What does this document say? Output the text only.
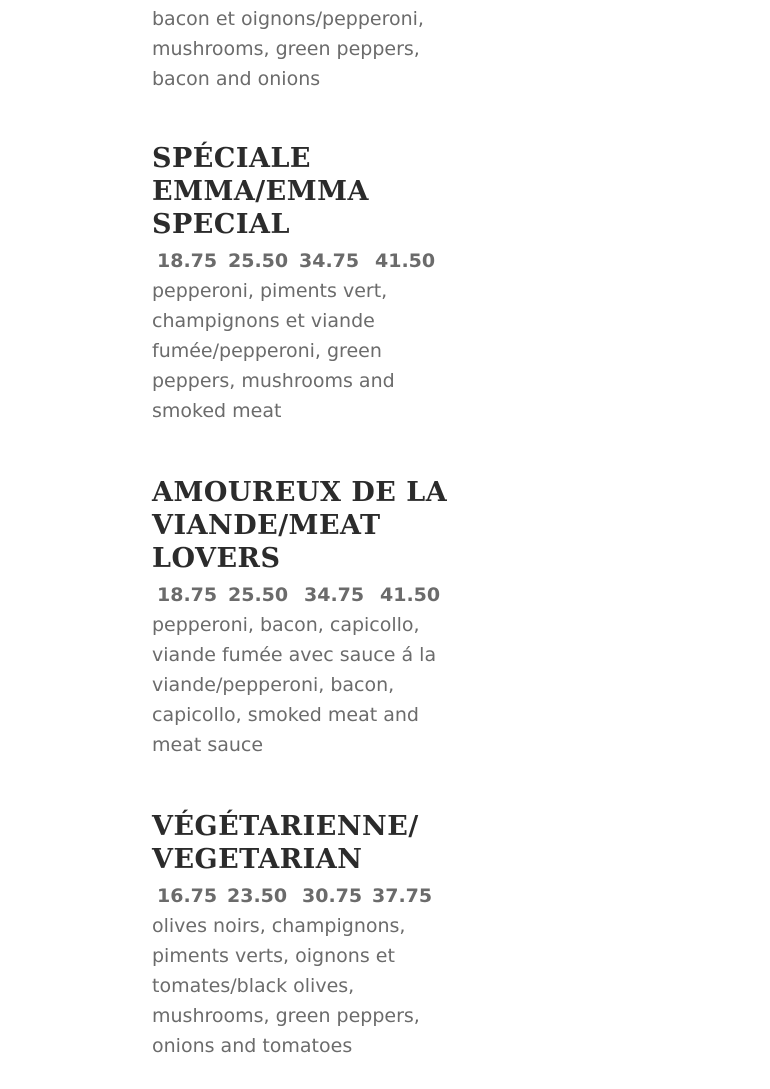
bacon et oignons/pepperoni,
mushrooms, green peppers,
bacon and onions

SPÉCIALE
EMMA/EMMA
SPECIAL
18.75 25.50 34.75 41.50

pepperoni, piments vert,
champignons et viande
fumée/pepperoni, green
peppers, mushrooms and
smoked meat

AMOUREUX DE LA
VIANDE/MEAT
LOVERS
18.75 25.50 34.75 41.50

pepperoni, bacon, capicollo,
viande fumée avec sauce á la
viande/pepperoni, bacon,
capicollo, smoked meat and
meat sauce

VÉGÉTARIENNE/
VEGETARIAN
16.75 23.50 30.75 37.75

olives noirs, champignons,
piments verts, oignons et
tomates/black olives,
mushrooms, green peppers,
onions and tomatoes
